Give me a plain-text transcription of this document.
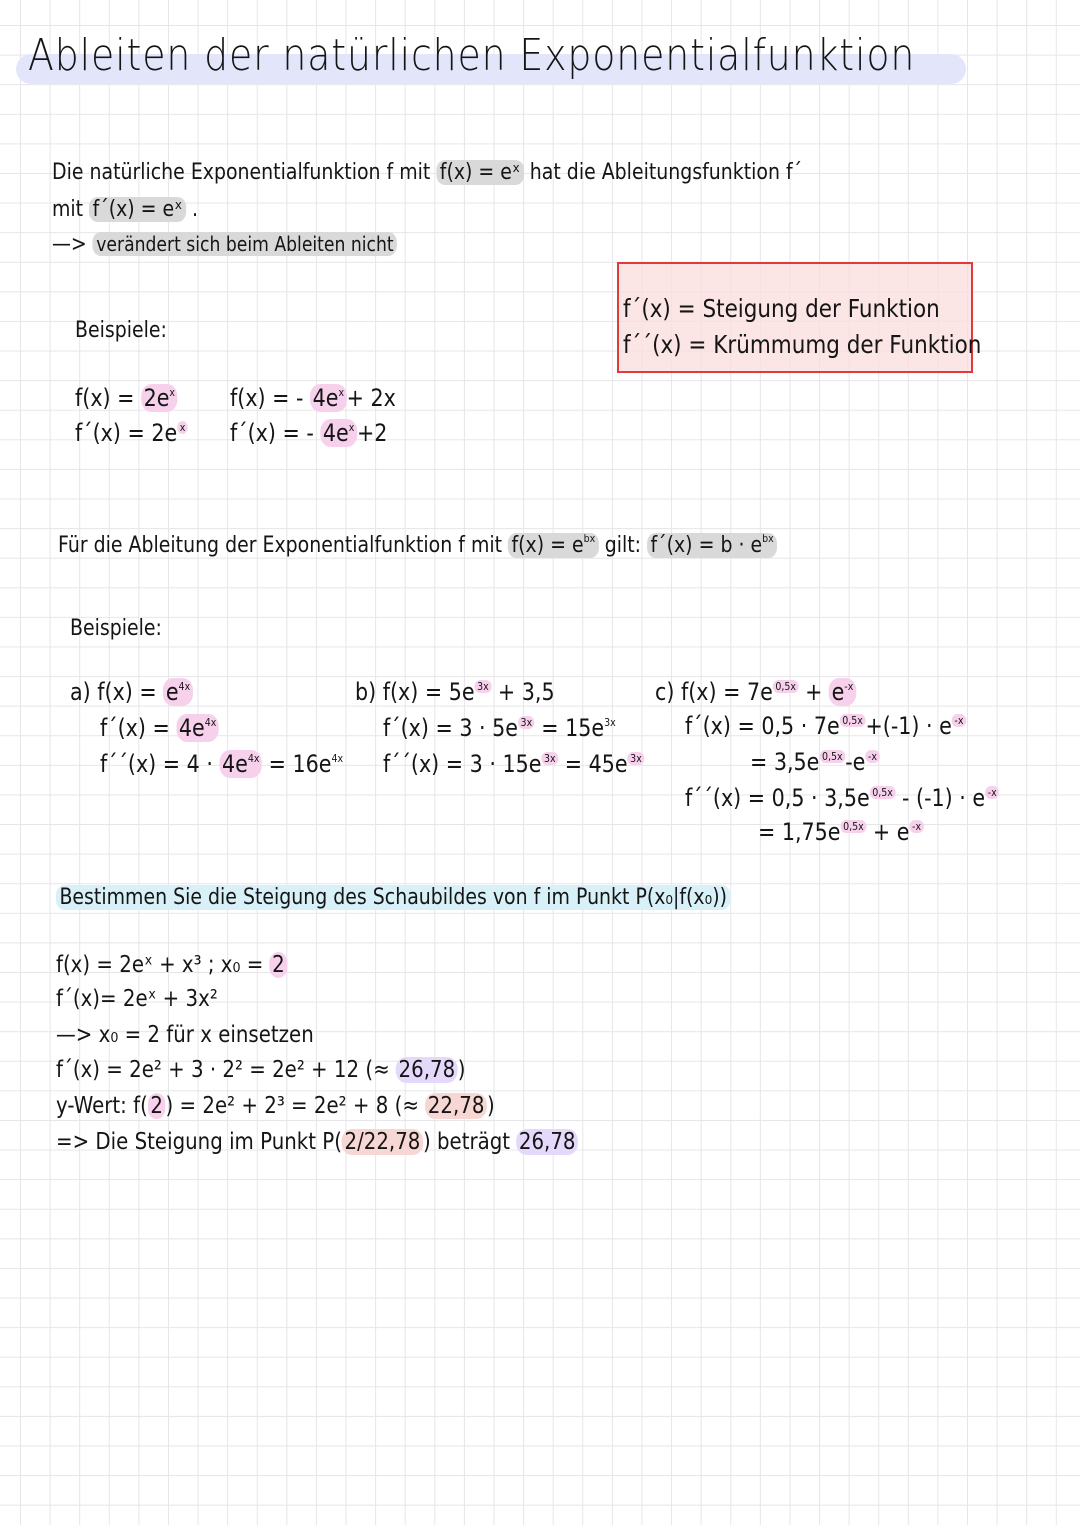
Ableiten der natürlichen Exponentialfunktion
Die natürliche Exponentialfunktion f mit f(x) = eˣ hat die Ableitungsfunktion f´
mit f´(x) = eˣ .
—> verändert sich beim Ableiten nicht
f´(x) = Steigung der Funktion
f´´(x) = Krümmumg der Funktion
Beispiele:
$f(x) = 2e^x$
f´(x) = 2e $^x$
f(x) = - $4e^x + 2x$
f´(x) = - $4e^x +2$
Für die Ableitung der Exponentialfunktion f mit $f(x) = e^{bx}$ gilt: f´(x) = $b \cdot e^{bx}$
Beispiele:
a) $f(x) = e^{4x}$
f´(x) = $4e^{4x}$
f´´(x) = $4 \cdot 4e^{4x} = 16e^{4x}$
b) f(x) = 5e $^{3x}$ + 3,5
f´(x) = 3 · 5e $^{3x} = 15e^{3x}$
f´´(x) = 3 · 15e $^{3x}$ = 45e $^{3x}$
c) f(x) = 7e $^{0,5x} + e^{-x}$
f´(x) = 0,5 · 7e $^{0,5x}$ +(-1) · e $^{-x}$
= 3,5e $^{0,5x}$ -e $^{-x}$
f´´(x) = 0,5 · 3,5e $^{0,5x}$ - (-1) · e $^{-x}$
= 1,75e $^{0,5x}$ + e $^{-x}$
Bestimmen Sie die Steigung des Schaubildes von f im Punkt P(x₀|f(x₀))
f(x) = 2eˣ + x³ ; x₀ = 2
f´(x)= 2eˣ + 3x²
—> x₀ = 2 für x einsetzen
f´(x) = 2e² + 3 · 2² = 2e² + 12 (≈ 26,78 )
y-Wert: f( 2 ) = 2e² + 2³ = 2e² + 8 (≈ 22,78 )
=> Die Steigung im Punkt P( 2/22,78 ) beträgt 26,78
